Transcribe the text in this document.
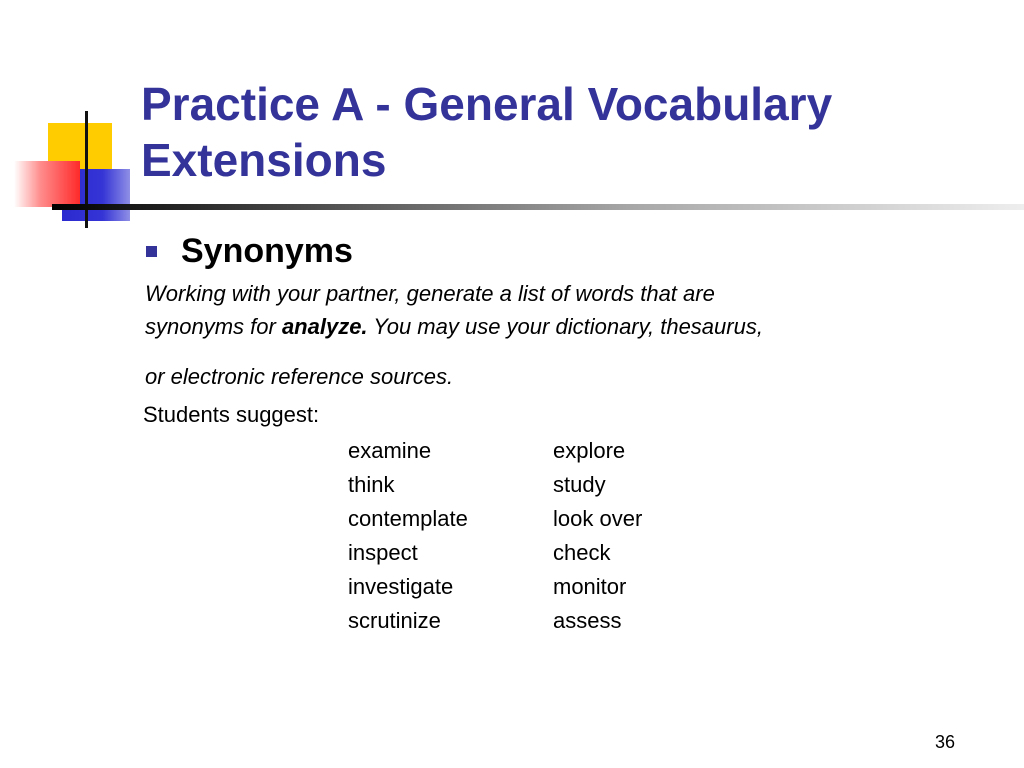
Practice A - General Vocabulary
Extensions
Synonyms
Working with your partner, generate a list of words that are
synonyms for analyze. You may use your dictionary, thesaurus,
or electronic reference sources.
Students suggest:
examine	explore
think	study
contemplate	look over
inspect	check
investigate	monitor
scrutinize	assess
36
